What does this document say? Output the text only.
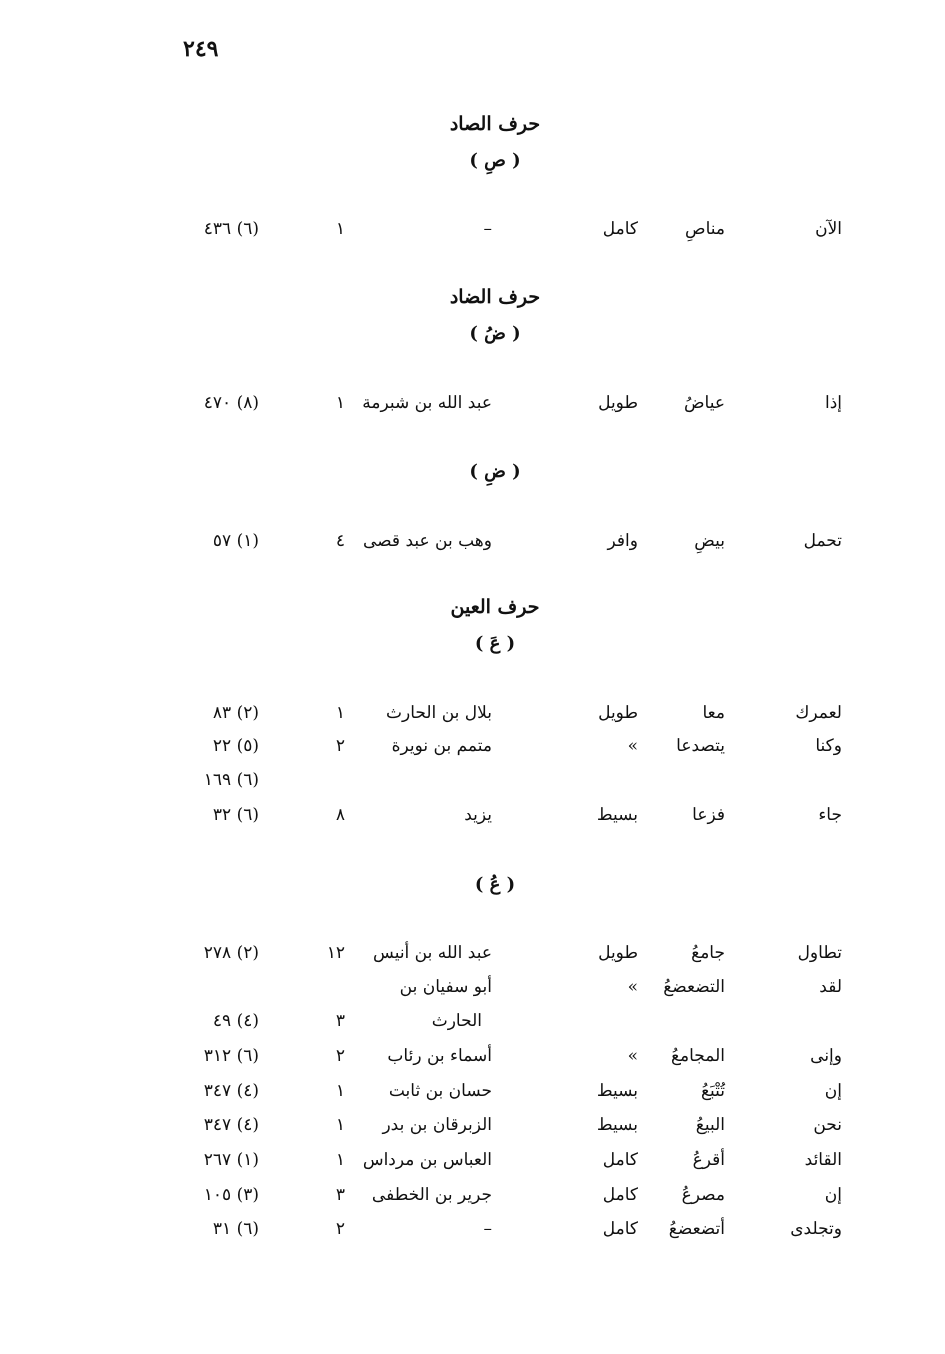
٢٤٩
حرف الصاد
( صِ )
الآن
مناصِ
كامل
–
١
(٦) ٤٣٦
حرف الضاد
( ضُ )
إذا
عياضُ
طويل
عبد الله بن شبرمة
١
(٨) ٤٧٠
( ضِ )
تحمل
بيضِ
وافر
وهب بن عبد قصى
٤
(١) ٥٧
حرف العين
( عَ )
لعمرك
معا
طويل
بلال بن الحارث
١
(٢) ٨٣
وكنا
يتصدعا
»
متمم بن نويرة
٢
(٥) ٢٢
(٦) ١٦٩
جاء
فزعا
بسيط
يزيد
٨
(٦) ٣٢
( عُ )
تطاول
جامعُ
طويل
عبد الله بن أنيس
١٢
(٢) ٢٧٨
لقد
التضعضعُ
»
أبو سفيان بن
الحارث
٣
(٤) ٤٩
وإنى
المجامعُ
»
أسماء بن رئاب
٢
(٦) ٣١٢
إن
تُتْبَعُ
بسيط
حسان بن ثابت
١
(٤) ٣٤٧
نحن
البيعُ
بسيط
الزبرقان بن بدر
١
(٤) ٣٤٧
القائد
أقرعُ
كامل
العباس بن مرداس
١
(١) ٢٦٧
إن
مصرعُ
كامل
جرير بن الخطفى
٣
(٣) ١٠٥
وتجلدى
أتضعضعُ
كامل
–
٢
(٦) ٣١
